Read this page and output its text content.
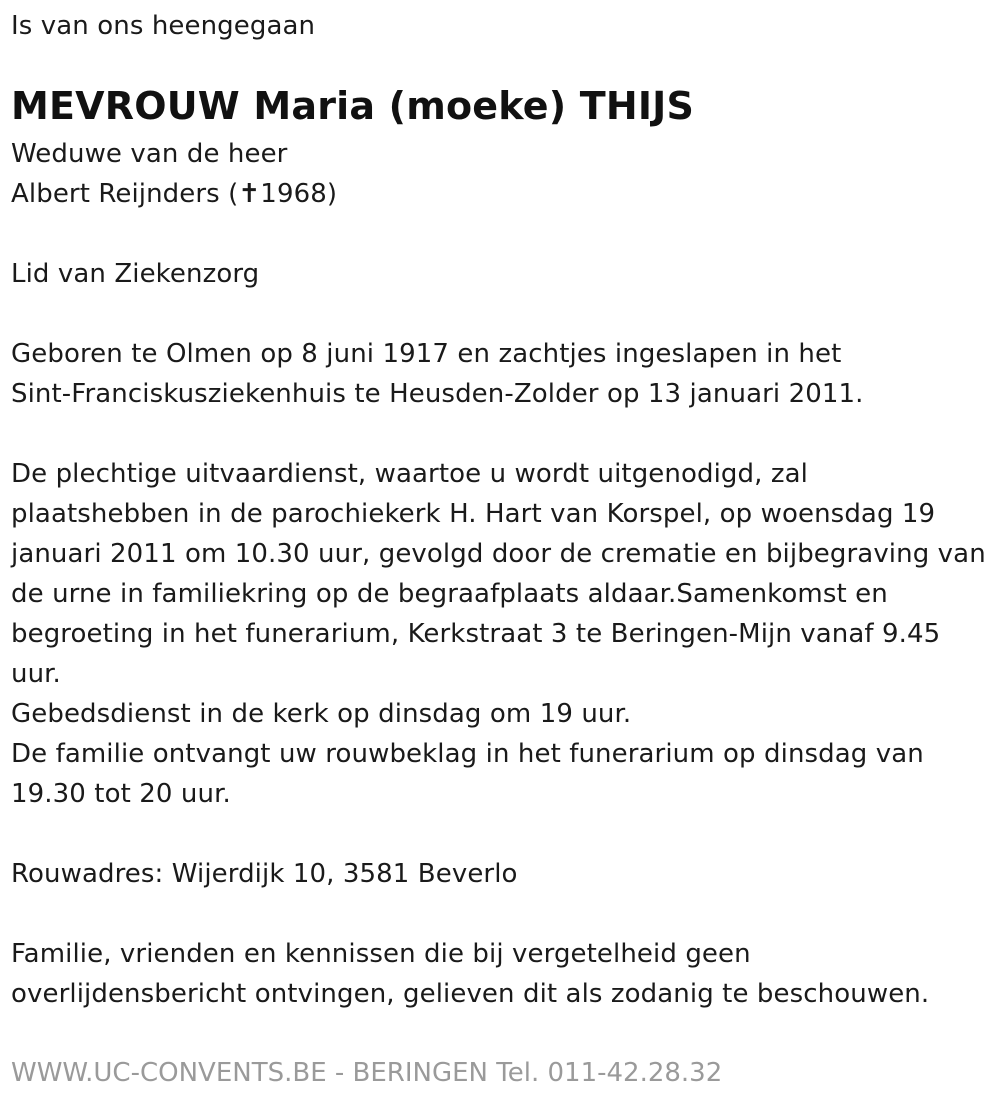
Is van ons heengegaan
MEVROUW Maria (moeke) THIJS
Weduwe van de heer
Albert Reijnders (✝1968)
Lid van Ziekenzorg
Geboren te Olmen op 8 juni 1917 en zachtjes ingeslapen in het
Sint-Franciskusziekenhuis te Heusden-Zolder op 13 januari 2011.
De plechtige uitvaardienst, waartoe u wordt uitgenodigd, zal
plaatshebben in de parochiekerk H. Hart van Korspel, op woensdag 19
januari 2011 om 10.30 uur, gevolgd door de crematie en bijbegraving van
de urne in familiekring op de begraafplaats aldaar.Samenkomst en
begroeting in het funerarium, Kerkstraat 3 te Beringen-Mijn vanaf 9.45
uur.
Gebedsdienst in de kerk op dinsdag om 19 uur.
De familie ontvangt uw rouwbeklag in het funerarium op dinsdag van
19.30 tot 20 uur.
Rouwadres: Wijerdijk 10, 3581 Beverlo
Familie, vrienden en kennissen die bij vergetelheid geen
overlijdensbericht ontvingen, gelieven dit als zodanig te beschouwen.
WWW.UC-CONVENTS.BE - BERINGEN Tel. 011-42.28.32
